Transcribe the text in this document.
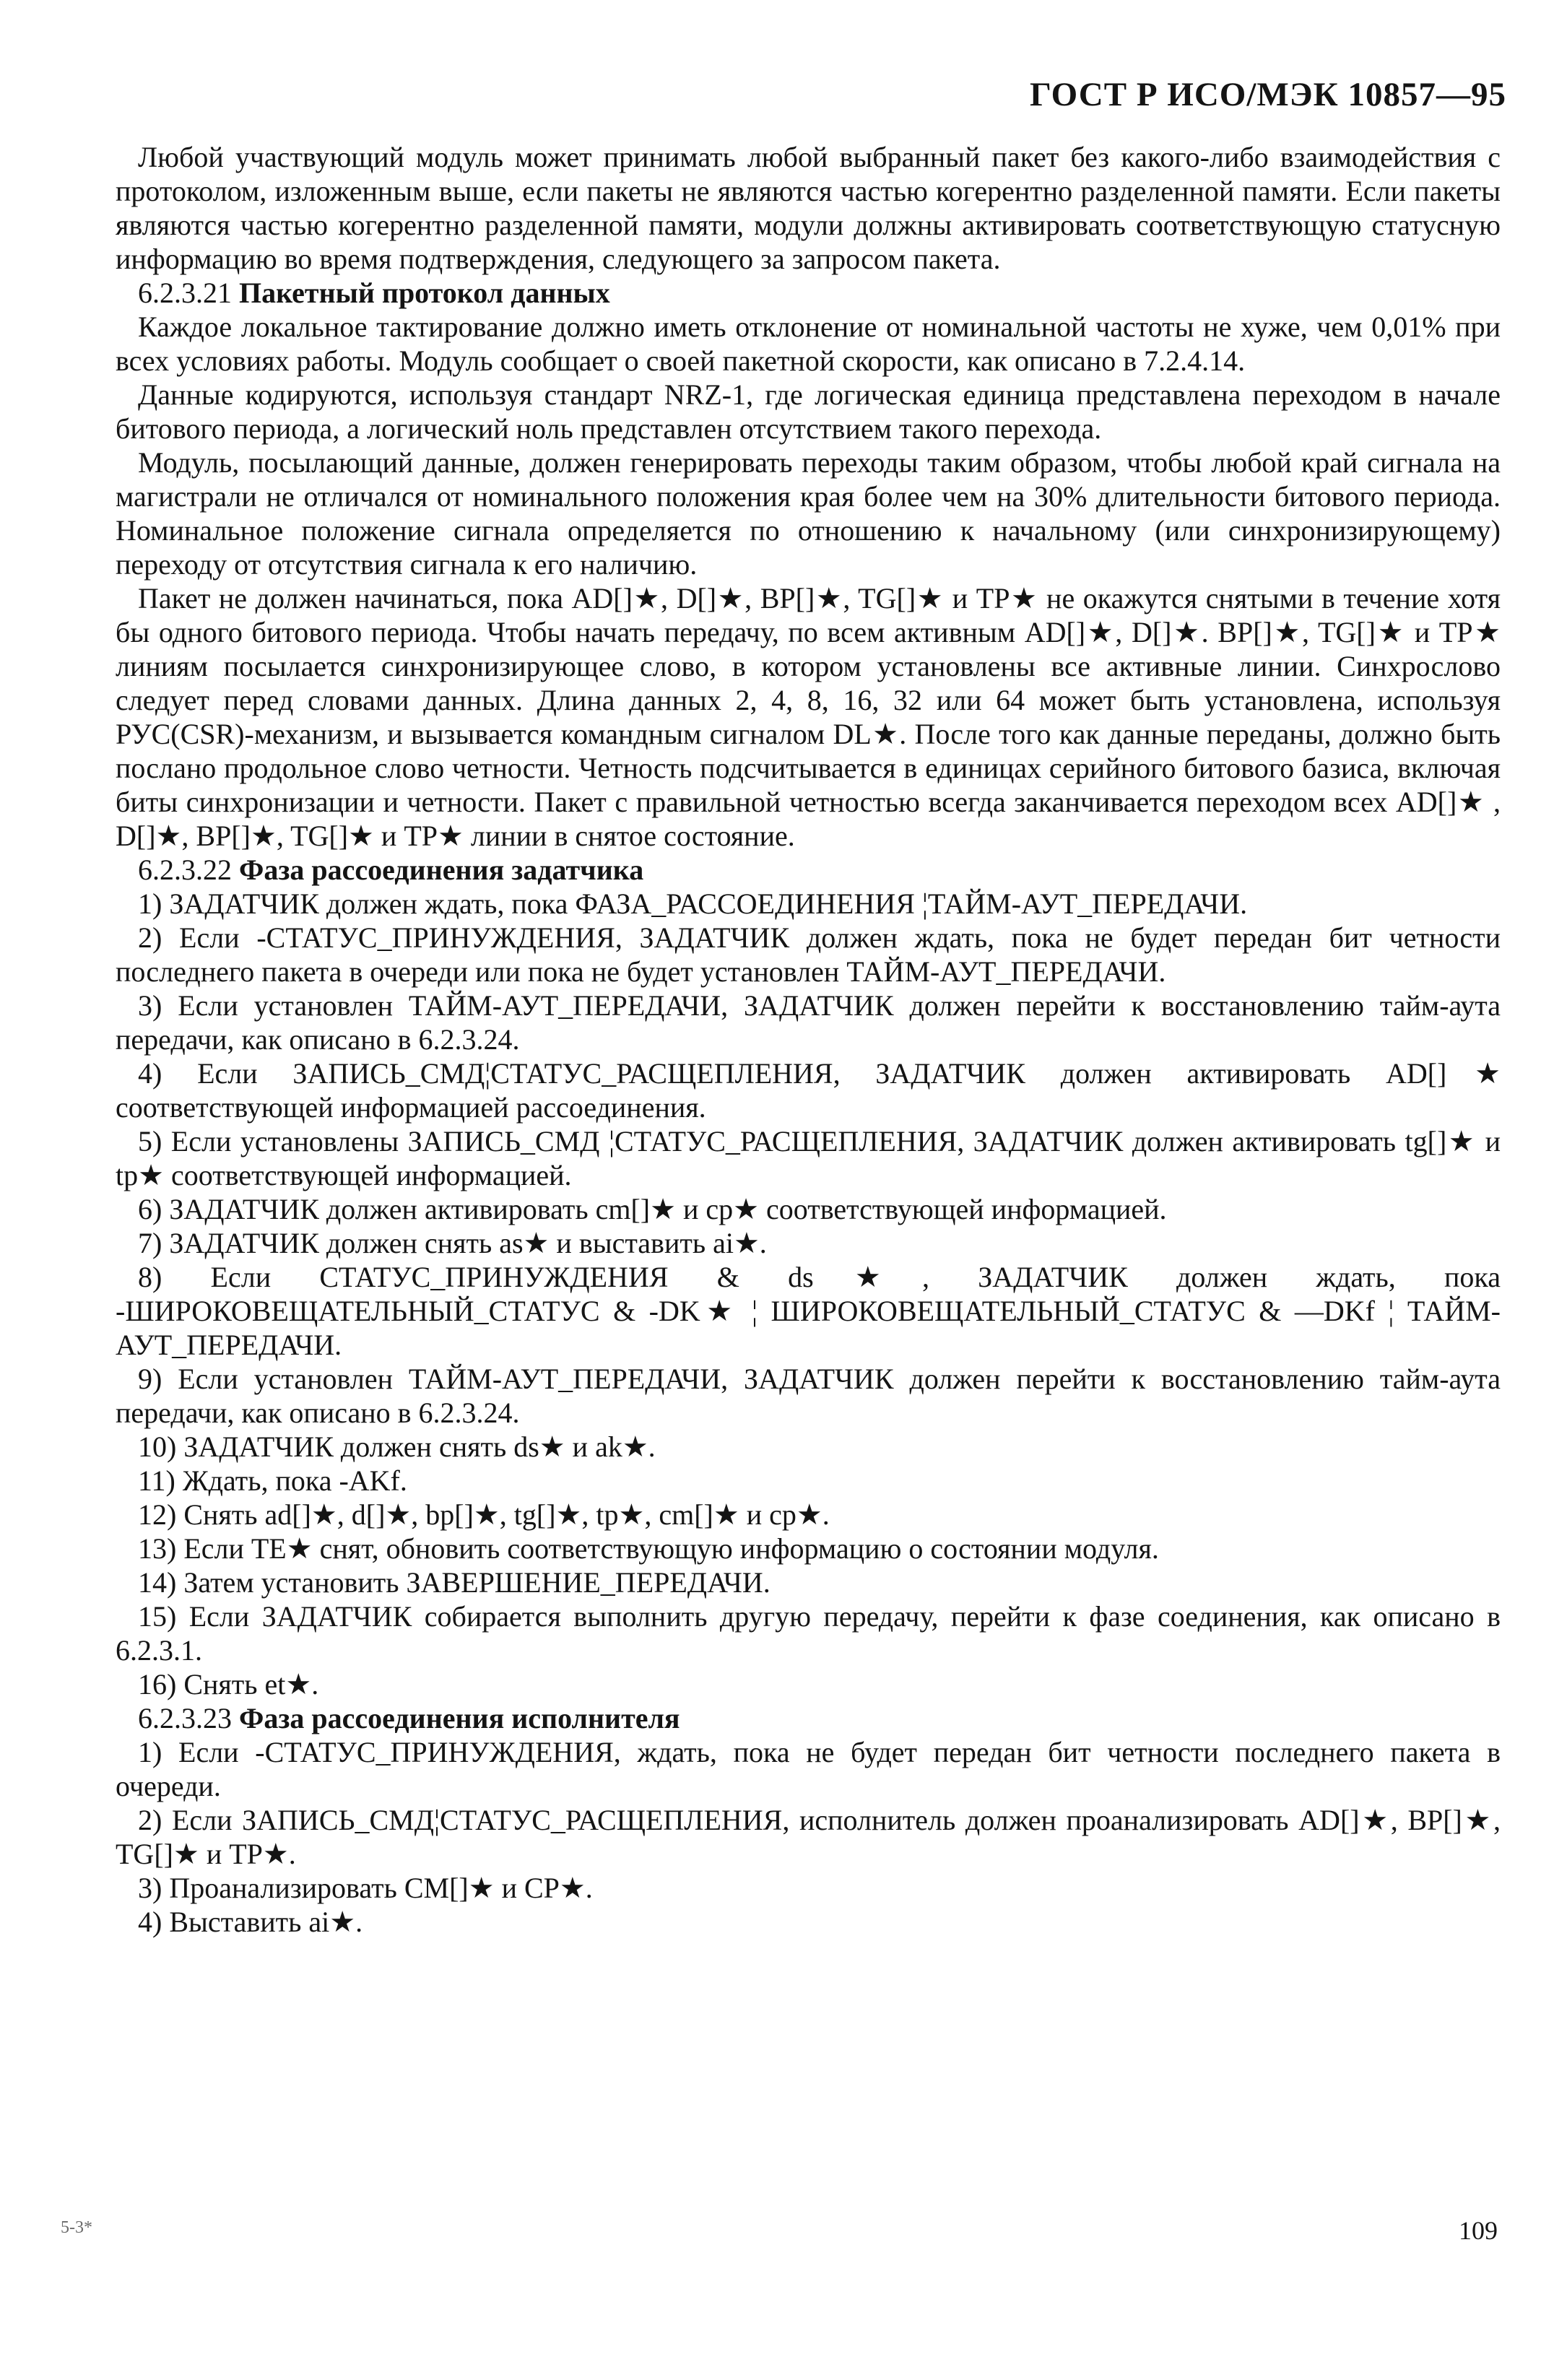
ГОСТ Р ИСО/МЭК 10857—95

Любой участвующий модуль может принимать любой выбранный пакет без какого-либо взаимодействия с протоколом, изложенным выше, если пакеты не являются частью когерентно разделенной памяти. Если пакеты являются частью когерентно разделенной памяти, модули должны активировать соответствующую статусную информацию во время подтверждения, следующего за запросом пакета.

6.2.3.21 Пакетный протокол данных

Каждое локальное тактирование должно иметь отклонение от номинальной частоты не хуже, чем 0,01% при всех условиях работы. Модуль сообщает о своей пакетной скорости, как описано в 7.2.4.14.

Данные кодируются, используя стандарт NRZ-1, где логическая единица представлена переходом в начале битового периода, а логический ноль представлен отсутствием такого перехода.

Модуль, посылающий данные, должен генерировать переходы таким образом, чтобы любой край сигнала на магистрали не отличался от номинального положения края более чем на 30% длительности битового периода. Номинальное положение сигнала определяется по отношению к начальному (или синхронизирующему) переходу от отсутствия сигнала к его наличию.

Пакет не должен начинаться, пока AD[]★, D[]★, BP[]★, TG[]★ и TP★ не окажутся снятыми в течение хотя бы одного битового периода. Чтобы начать передачу, по всем активным AD[]★, D[]★. BP[]★, TG[]★ и TP★ линиям посылается синхронизирующее слово, в котором установлены все активные линии. Синхрослово следует перед словами данных. Длина данных 2, 4, 8, 16, 32 или 64 может быть установлена, используя РУС(CSR)-механизм, и вызывается командным сигналом DL★. После того как данные переданы, должно быть послано продольное слово четности. Четность подсчитывается в единицах серийного битового базиса, включая биты синхронизации и четности. Пакет с правильной четностью всегда заканчивается переходом всех AD[]★ , D[]★, BP[]★, TG[]★ и TP★ линии в снятое состояние.

6.2.3.22 Фаза рассоединения задатчика

1) ЗАДАТЧИК должен ждать, пока ФАЗА_РАССОЕДИНЕНИЯ ¦ТАЙМ-АУТ_ПЕРЕДАЧИ.

2) Если -СТАТУС_ПРИНУЖДЕНИЯ, ЗАДАТЧИК должен ждать, пока не будет передан бит четности последнего пакета в очереди или пока не будет установлен ТАЙМ-АУТ_ПЕРЕДАЧИ.

3) Если установлен ТАЙМ-АУТ_ПЕРЕДАЧИ, ЗАДАТЧИК должен перейти к восстановлению тайм-аута передачи, как описано в 6.2.3.24.

4) Если ЗАПИСЬ_СМД¦СТАТУС_РАСЩЕПЛЕНИЯ, ЗАДАТЧИК должен активировать AD[]★ соответствующей информацией рассоединения.

5) Если установлены ЗАПИСЬ_СМД ¦СТАТУС_РАСЩЕПЛЕНИЯ, ЗАДАТЧИК должен активировать tg[]★ и tp★ соответствующей информацией.

6) ЗАДАТЧИК должен активировать cm[]★ и cp★ соответствующей информацией.

7) ЗАДАТЧИК должен снять as★ и выставить ai★.

8) Если СТАТУС_ПРИНУЖДЕНИЯ & ds★, ЗАДАТЧИК должен ждать, пока -ШИРОКОВЕЩАТЕЛЬНЫЙ_СТАТУС & -DK★ ¦ ШИРОКОВЕЩАТЕЛЬНЫЙ_СТАТУС & —DKf ¦ ТАЙМ-АУТ_ПЕРЕДАЧИ.

9) Если установлен ТАЙМ-АУТ_ПЕРЕДАЧИ, ЗАДАТЧИК должен перейти к восстановлению тайм-аута передачи, как описано в 6.2.3.24.

10) ЗАДАТЧИК должен снять ds★ и ak★.

11) Ждать, пока -AKf.

12) Снять ad[]★, d[]★, bp[]★, tg[]★, tp★, cm[]★ и cp★.

13) Если TE★ снят, обновить соответствующую информацию о состоянии модуля.

14) Затем установить ЗАВЕРШЕНИЕ_ПЕРЕДАЧИ.

15) Если ЗАДАТЧИК собирается выполнить другую передачу, перейти к фазе соединения, как описано в 6.2.3.1.

16) Снять et★.

6.2.3.23 Фаза рассоединения исполнителя

1) Если -СТАТУС_ПРИНУЖДЕНИЯ, ждать, пока не будет передан бит четности последнего пакета в очереди.

2) Если ЗАПИСЬ_СМД¦СТАТУС_РАСЩЕПЛЕНИЯ, исполнитель должен проанализировать AD[]★, BP[]★, TG[]★ и TP★.

3) Проанализировать CM[]★ и CP★.

4) Выставить ai★.

5-3*	109
